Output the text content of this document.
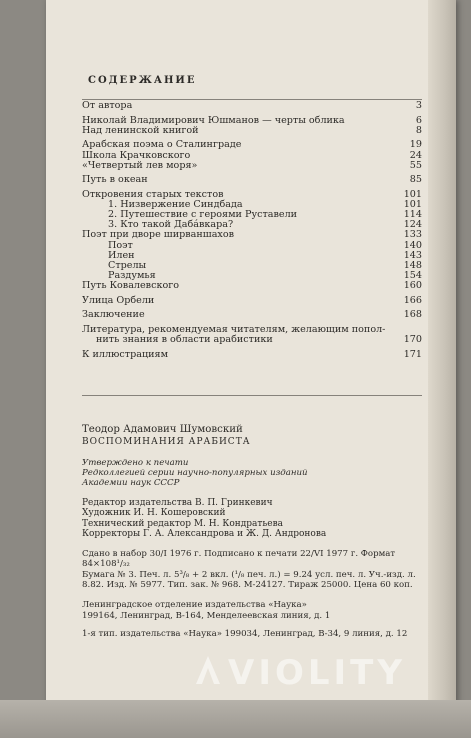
СОДЕРЖАНИЕ
От автора	3
Николай Владимирович Юшманов — черты облика	6
Над ленинской книгой	8
Арабская поэма о Сталинграде	19
Школа Крачковского	24
«Четвертый лев моря»	55
Путь в океан	85
Откровения старых текстов	101
1. Низвержение Синдбада	101
2. Путешествие с героями Руставели	114
3. Кто такой Дабáвкара?	124
Поэт при дворе ширваншахов	133
Поэт	140
Илен	143
Стрелы	148
Раздумья	154
Путь Ковалевского	160
Улица Орбели	166
Заключение	168
Литература, рекомендуемая читателям, желающим попол-
нить знания в области арабистики	170
К иллюстрациям	171
Теодор Адамович Шумовский
ВОСПОМИНАНИЯ АРАБИСТА
Утверждено к печати
Редколлегией серии научно-популярных изданий
Академии наук СССР
Редактор издательства В. П. Гринкевич
Художник И. Н. Кошеровский
Технический редактор М. Н. Кондратьева
Корректоры Г. А. Александрова и Ж. Д. Андронова
Сдано в набор 30/I 1976 г. Подписано к печати 22/VI 1977 г. Формат 84×108¹/₃₂
Бумага № 3. Печ. л. 5³/₈ + 2 вкл. (¹/₈ печ. л.) = 9.24 усл. печ. л. Уч.-изд. л.
8.82. Изд. № 5977. Тип. зак. № 968. М-24127. Тираж 25000. Цена 60 коп.
Ленинградское отделение издательства «Наука»
199164, Ленинград, В-164, Менделеевская линия, д. 1
1-я тип. издательства «Наука» 199034, Ленинград, В-34, 9 линия, д. 12
VIOLITY
